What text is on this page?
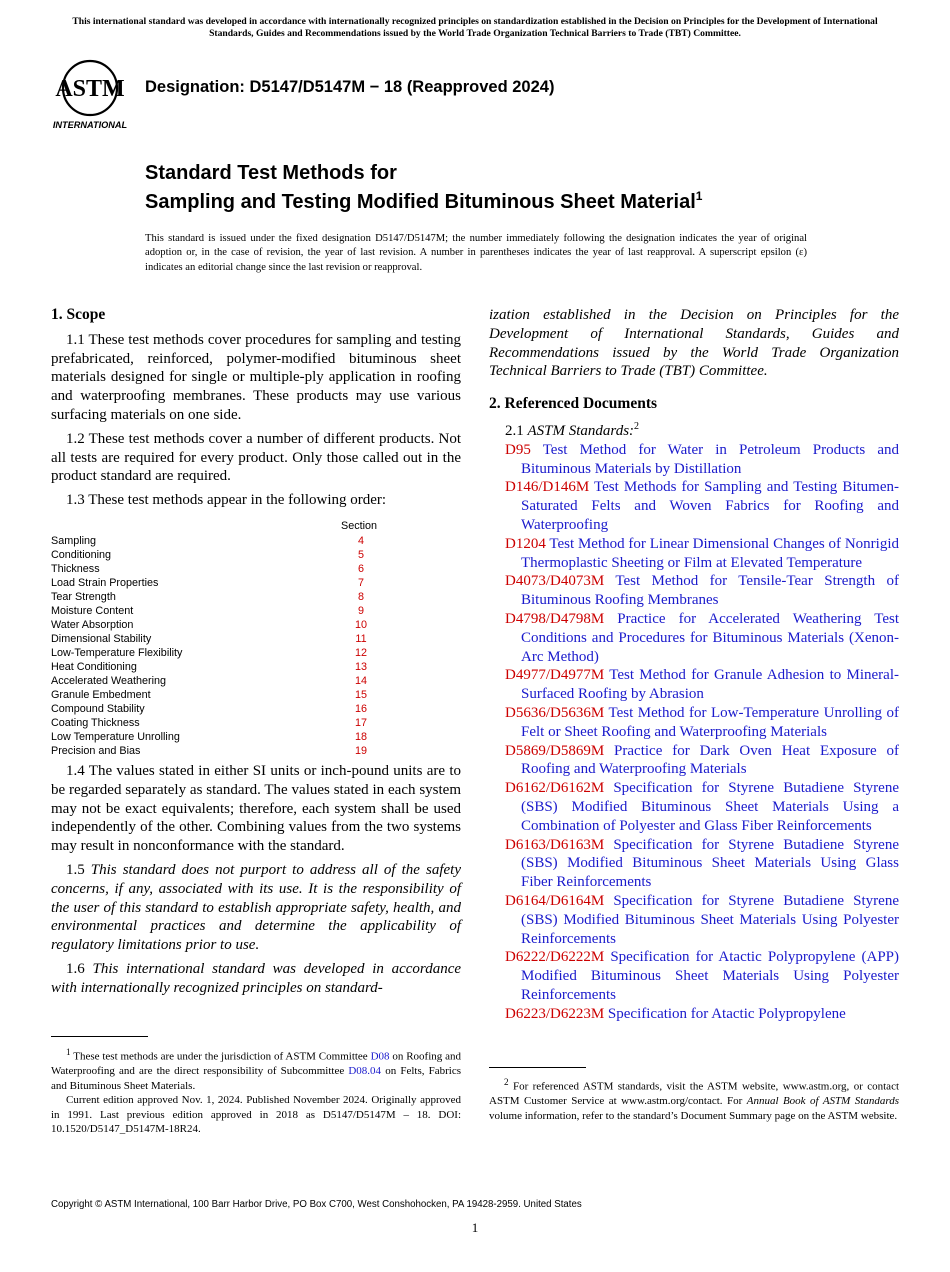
This international standard was developed in accordance with internationally recognized principles on standardization established in the Decision on Principles for the Development of International Standards, Guides and Recommendations issued by the World Trade Organization Technical Barriers to Trade (TBT) Committee.
ASTM
INTERNATIONAL
Designation: D5147/D5147M − 18 (Reapproved 2024)
Standard Test Methods for
Sampling and Testing Modified Bituminous Sheet Material$^1$
This standard is issued under the fixed designation D5147/D5147M; the number immediately following the designation indicates the year of original adoption or, in the case of revision, the year of last revision. A number in parentheses indicates the year of last reapproval. A superscript epsilon (ε) indicates an editorial change since the last revision or reapproval.
1. Scope

1.1 These test methods cover procedures for sampling and testing prefabricated, reinforced, polymer-modified bituminous sheet materials designed for single or multiple-ply application in roofing and waterproofing membranes. These products may use various surfacing materials on one side.

1.2 These test methods cover a number of different products. Not all tests are required for every product. Only those called out in the product standard are required.

1.3 These test methods appear in the following order:

Section
Sampling	4
Conditioning	5
Thickness	6
Load Strain Properties	7
Tear Strength	8
Moisture Content	9
Water Absorption	10
Dimensional Stability	11
Low-Temperature Flexibility	12
Heat Conditioning	13
Accelerated Weathering	14
Granule Embedment	15
Compound Stability	16
Coating Thickness	17
Low Temperature Unrolling	18
Precision and Bias	19

1.4 The values stated in either SI units or inch-pound units are to be regarded separately as standard. The values stated in each system may not be exact equivalents; therefore, each system shall be used independently of the other. Combining values from the two systems may result in nonconformance with the standard.

1.5 This standard does not purport to address all of the safety concerns, if any, associated with its use. It is the responsibility of the user of this standard to establish appropriate safety, health, and environmental practices and determine the applicability of regulatory limitations prior to use.

1.6 This international standard was developed in accordance with internationally recognized principles on standard-

$^1$ These test methods are under the jurisdiction of ASTM Committee D08 on Roofing and Waterproofing and are the direct responsibility of Subcommittee D08.04 on Felts, Fabrics and Bituminous Sheet Materials.

Current edition approved Nov. 1, 2024. Published November 2024. Originally approved in 1991. Last previous edition approved in 2018 as D5147/D5147M – 18. DOI: 10.1520/D5147_D5147M-18R24.

ization established in the Decision on Principles for the Development of International Standards, Guides and Recommendations issued by the World Trade Organization Technical Barriers to Trade (TBT) Committee.

2. Referenced Documents
2.1 ASTM Standards:$^2$

D95 Test Method for Water in Petroleum Products and Bituminous Materials by Distillation

D146/D146M Test Methods for Sampling and Testing Bitumen-Saturated Felts and Woven Fabrics for Roofing and Waterproofing

D1204 Test Method for Linear Dimensional Changes of Nonrigid Thermoplastic Sheeting or Film at Elevated Temperature

D4073/D4073M Test Method for Tensile-Tear Strength of Bituminous Roofing Membranes

D4798/D4798M Practice for Accelerated Weathering Test Conditions and Procedures for Bituminous Materials (Xenon-Arc Method)

D4977/D4977M Test Method for Granule Adhesion to Mineral-Surfaced Roofing by Abrasion

D5636/D5636M Test Method for Low-Temperature Unrolling of Felt or Sheet Roofing and Waterproofing Materials

D5869/D5869M Practice for Dark Oven Heat Exposure of Roofing and Waterproofing Materials

D6162/D6162M Specification for Styrene Butadiene Styrene (SBS) Modified Bituminous Sheet Materials Using a Combination of Polyester and Glass Fiber Reinforcements

D6163/D6163M Specification for Styrene Butadiene Styrene (SBS) Modified Bituminous Sheet Materials Using Glass Fiber Reinforcements

D6164/D6164M Specification for Styrene Butadiene Styrene (SBS) Modified Bituminous Sheet Materials Using Polyester Reinforcements

D6222/D6222M Specification for Atactic Polypropylene (APP) Modified Bituminous Sheet Materials Using Polyester Reinforcements

D6223/D6223M Specification for Atactic Polypropylene

$^2$ For referenced ASTM standards, visit the ASTM website, www.astm.org, or contact ASTM Customer Service at www.astm.org/contact. For Annual Book of ASTM Standards volume information, refer to the standard’s Document Summary page on the ASTM website.

Copyright © ASTM International, 100 Barr Harbor Drive, PO Box C700, West Conshohocken, PA 19428-2959. United States
1
